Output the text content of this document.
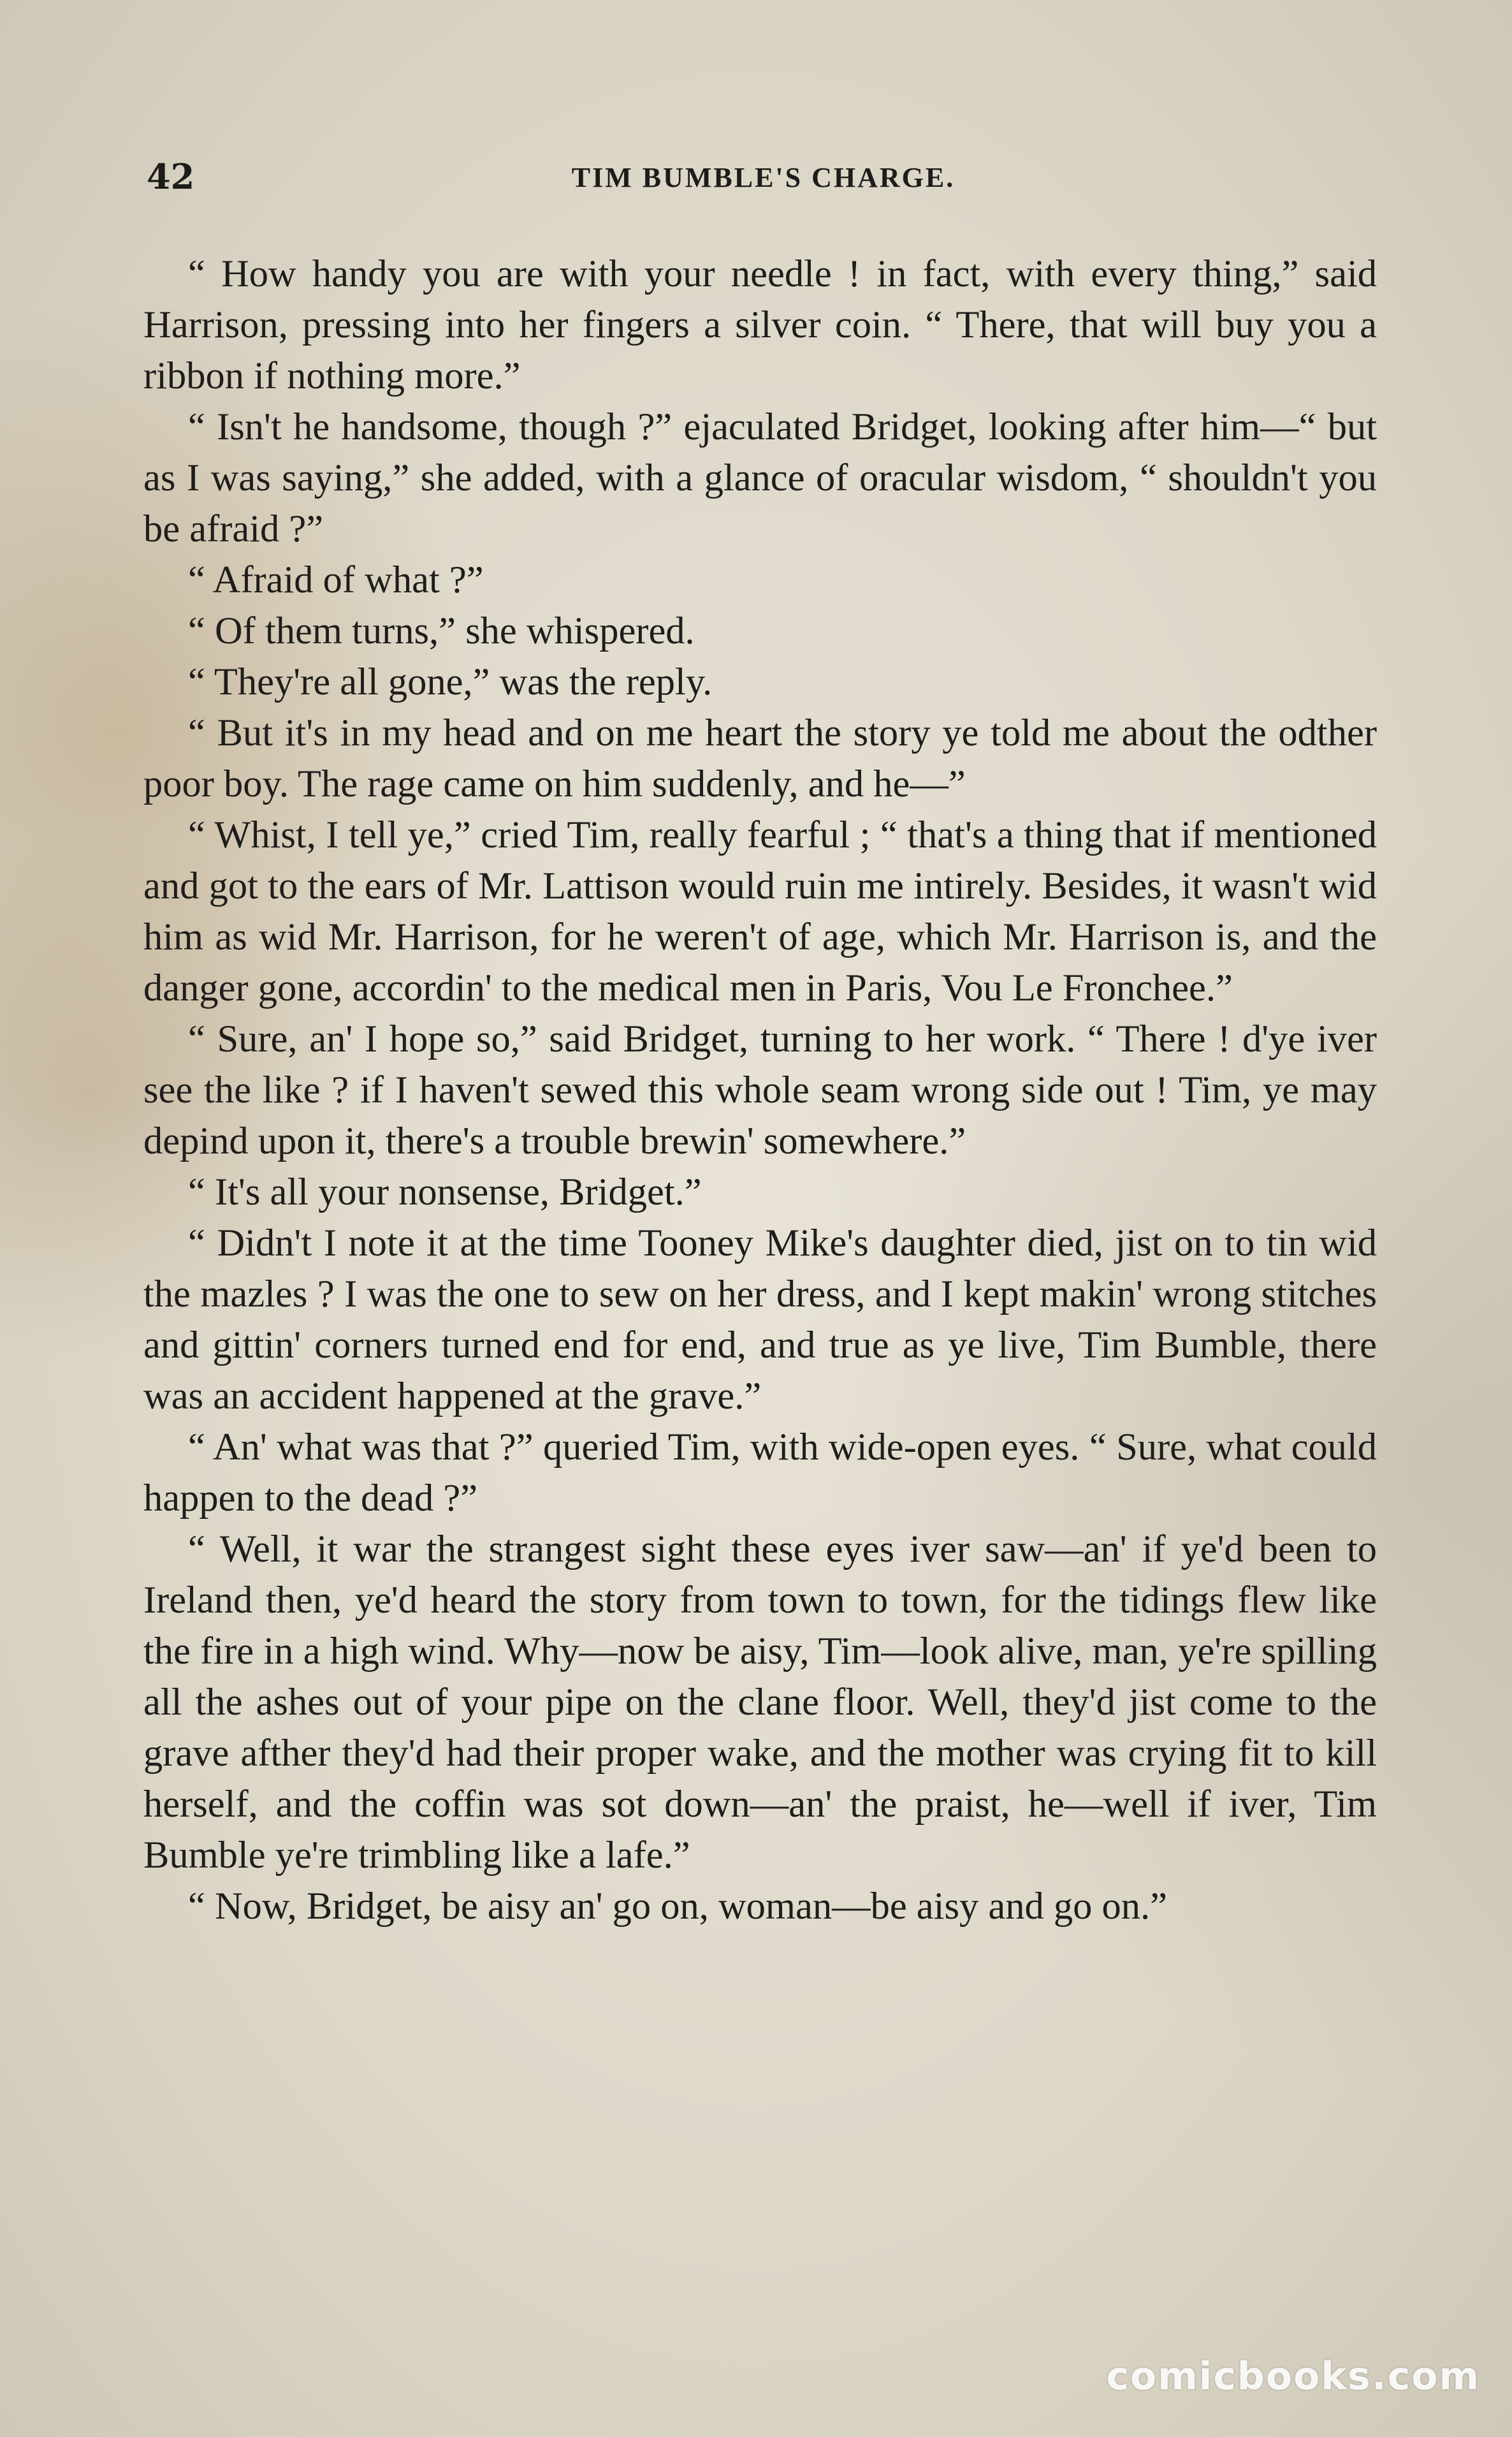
42	TIM BUMBLE'S CHARGE.

“ How handy you are with your needle ! in fact, with every thing,” said Harrison, pressing into her fingers a silver coin. “ There, that will buy you a ribbon if nothing more.”

“ Isn't he handsome, though ?” ejaculated Bridget, looking after him—“ but as I was saying,” she added, with a glance of oracular wisdom, “ shouldn't you be afraid ?”

“ Afraid of what ?”

“ Of them turns,” she whispered.

“ They're all gone,” was the reply.

“ But it's in my head and on me heart the story ye told me about the odther poor boy. The rage came on him suddenly, and he—”

“ Whist, I tell ye,” cried Tim, really fearful ; “ that's a thing that if mentioned and got to the ears of Mr. Lattison would ruin me intirely. Besides, it wasn't wid him as wid Mr. Harrison, for he weren't of age, which Mr. Harrison is, and the danger gone, accordin' to the medical men in Paris, Vou Le Fronchee.”

“ Sure, an' I hope so,” said Bridget, turning to her work. “ There ! d'ye iver see the like ? if I haven't sewed this whole seam wrong side out ! Tim, ye may depind upon it, there's a trouble brewin' somewhere.”

“ It's all your nonsense, Bridget.”

“ Didn't I note it at the time Tooney Mike's daughter died, jist on to tin wid the mazles ? I was the one to sew on her dress, and I kept makin' wrong stitches and gittin' corners turned end for end, and true as ye live, Tim Bumble, there was an accident happened at the grave.”

“ An' what was that ?” queried Tim, with wide-open eyes. “ Sure, what could happen to the dead ?”

“ Well, it war the strangest sight these eyes iver saw—an' if ye'd been to Ireland then, ye'd heard the story from town to town, for the tidings flew like the fire in a high wind. Why—now be aisy, Tim—look alive, man, ye're spilling all the ashes out of your pipe on the clane floor. Well, they'd jist come to the grave afther they'd had their proper wake, and the mother was crying fit to kill herself, and the coffin was sot down—an' the praist, he—well if iver, Tim Bumble ye're trimbling like a lafe.”

“ Now, Bridget, be aisy an' go on, woman—be aisy and go on.”

comicbooks.com
